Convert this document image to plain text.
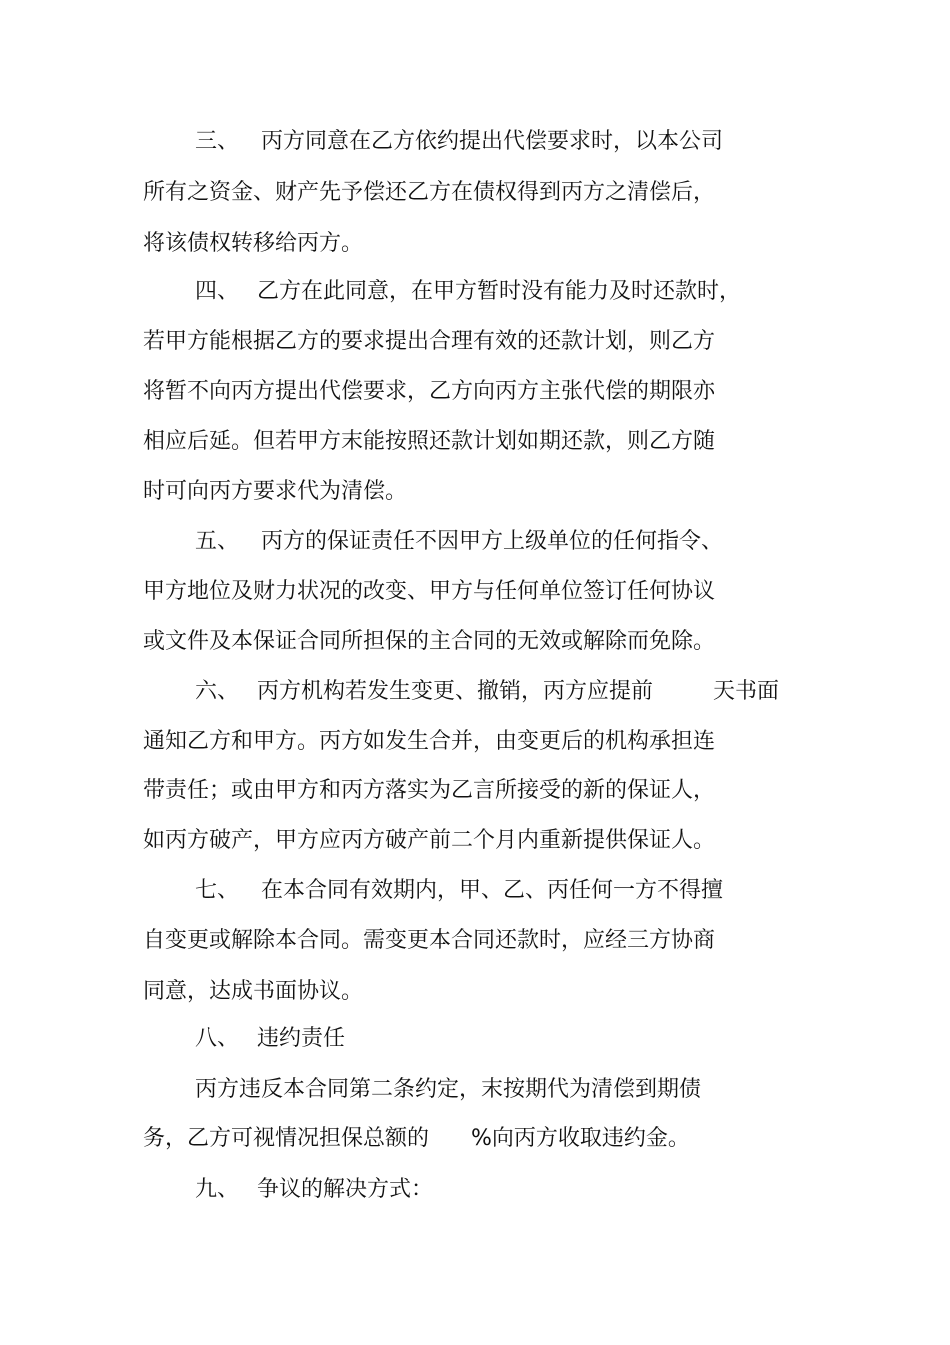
三、 丙方同意在乙方依约提出代偿要求时，以本公司
所有之资金、财产先予偿还乙方在债权得到丙方之清偿后，
将该债权转移给丙方。
四、 乙方在此同意，在甲方暂时没有能力及时还款时，
若甲方能根据乙方的要求提出合理有效的还款计划，则乙方
将暂不向丙方提出代偿要求，乙方向丙方主张代偿的期限亦
相应后延。但若甲方末能按照还款计划如期还款，则乙方随
时可向丙方要求代为清偿。
五、 丙方的保证责任不因甲方上级单位的任何指令、
甲方地位及财力状况的改变、甲方与任何单位签订任何协议
或文件及本保证合同所担保的主合同的无效或解除而免除。
六、 丙方机构若发生变更、撤销，丙方应提前	天书面
通知乙方和甲方。丙方如发生合并，由变更后的机构承担连
带责任；或由甲方和丙方落实为乙言所接受的新的保证人，
如丙方破产，甲方应丙方破产前二个月内重新提供保证人。
七、 在本合同有效期内，甲、乙、丙任何一方不得擅
自变更或解除本合同。需变更本合同还款时，应经三方协商
同意，达成书面协议。
八、 违约责任
丙方违反本合同第二条约定，末按期代为清偿到期债
务，乙方可视情况担保总额的 %向丙方收取违约金。
九、 争议的解决方式：
